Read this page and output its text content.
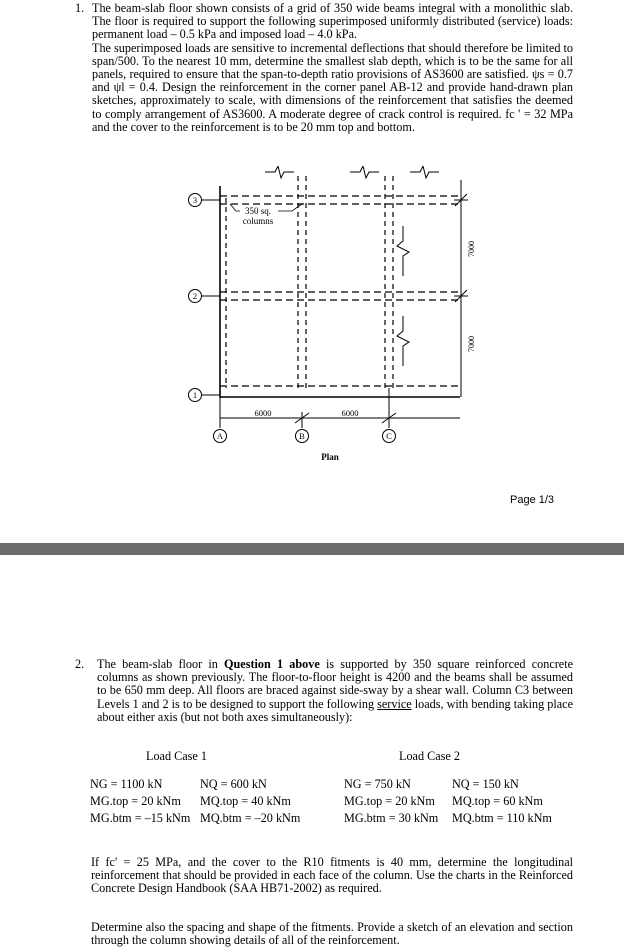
1. The beam-slab floor shown consists of a grid of 350 wide beams integral with a monolithic slab. The floor is required to support the following superimposed uniformly distributed (service) loads: permanent load – 0.5 kPa and imposed load – 4.0 kPa.

The superimposed loads are sensitive to incremental deflections that should therefore be limited to span/500. To the nearest 10 mm, determine the smallest slab depth, which is to be the same for all panels, required to ensure that the span-to-depth ratio provisions of AS3600 are satisfied. ψs = 0.7 and ψl = 0.4. Design the reinforcement in the corner panel AB-12 and provide hand-drawn plan sketches, approximately to scale, with dimensions of the reinforcement that satisfies the deemed to comply arrangement of AS3600. A moderate degree of crack control is required. fc ' = 32 MPa and the cover to the reinforcement is to be 20 mm top and bottom.

3
2
1
A	B	C
350 sq.
columns
6000	6000
7000
7000
Plan
Page 1/3
2. The beam-slab floor in Question 1 above is supported by 350 square reinforced concrete columns as shown previously. The floor-to-floor height is 4200 and the beams shall be assumed to be 650 mm deep. All floors are braced against side-sway by a shear wall. Column C3 between Levels 1 and 2 is to be designed to support the following service loads, with bending taking place about either axis (but not both axes simultaneously):
Load Case 1
NG = 1100 kN	NQ = 600 kN
MG.top = 20 kNm MQ.top = 40 kNm
MG.btm = –15 kNm MQ.btm = –20 kNm
Load Case 2
NG = 750 kN	NQ = 150 kN
MG.top = 20 kNm MQ.top = 60 kNm
MG.btm = 30 kNm MQ.btm = 110 kNm
If fc' = 25 MPa, and the cover to the R10 fitments is 40 mm, determine the longitudinal reinforcement that should be provided in each face of the column. Use the charts in the Reinforced Concrete Design Handbook (SAA HB71-2002) as required.
Determine also the spacing and shape of the fitments. Provide a sketch of an elevation and section through the column showing details of all of the reinforcement.
